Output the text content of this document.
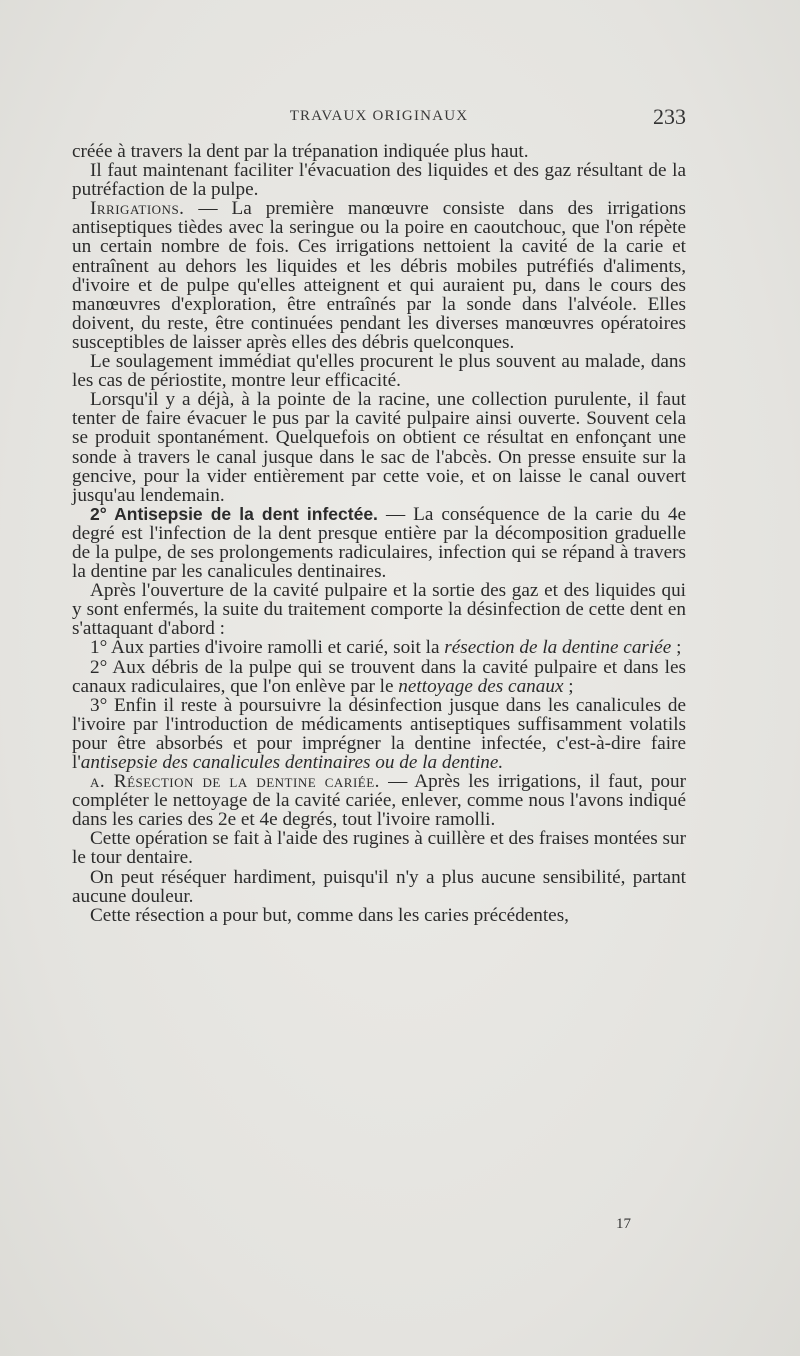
TRAVAUX ORIGINAUX	233

créée à travers la dent par la trépanation indiquée plus haut.

Il faut maintenant faciliter l'évacuation des liquides et des gaz résultant de la putréfaction de la pulpe.

Irrigations. — La première manœuvre consiste dans des irrigations antiseptiques tièdes avec la seringue ou la poire en caoutchouc, que l'on répète un certain nombre de fois. Ces irrigations nettoient la cavité de la carie et entraînent au dehors les liquides et les débris mobiles putréfiés d'aliments, d'ivoire et de pulpe qu'elles atteignent et qui auraient pu, dans le cours des manœuvres d'exploration, être entraînés par la sonde dans l'alvéole. Elles doivent, du reste, être continuées pendant les diverses manœuvres opératoires susceptibles de laisser après elles des débris quelconques.

Le soulagement immédiat qu'elles procurent le plus souvent au malade, dans les cas de périostite, montre leur efficacité.

Lorsqu'il y a déjà, à la pointe de la racine, une collection purulente, il faut tenter de faire évacuer le pus par la cavité pulpaire ainsi ouverte. Souvent cela se produit spontanément. Quelquefois on obtient ce résultat en enfonçant une sonde à travers le canal jusque dans le sac de l'abcès. On presse ensuite sur la gencive, pour la vider entièrement par cette voie, et on laisse le canal ouvert jusqu'au lendemain.

2° Antisepsie de la dent infectée. — La conséquence de la carie du 4e degré est l'infection de la dent presque entière par la décomposition graduelle de la pulpe, de ses prolongements radiculaires, infection qui se répand à travers la dentine par les canalicules dentinaires.

Après l'ouverture de la cavité pulpaire et la sortie des gaz et des liquides qui y sont enfermés, la suite du traitement comporte la désinfection de cette dent en s'attaquant d'abord :

1° Aux parties d'ivoire ramolli et carié, soit la résection de la dentine cariée ;

2° Aux débris de la pulpe qui se trouvent dans la cavité pulpaire et dans les canaux radiculaires, que l'on enlève par le nettoyage des canaux ;

3° Enfin il reste à poursuivre la désinfection jusque dans les canalicules de l'ivoire par l'introduction de médicaments antiseptiques suffisamment volatils pour être absorbés et pour imprégner la dentine infectée, c'est-à-dire faire l'antisepsie des canalicules dentinaires ou de la dentine.

a. Résection de la dentine cariée. — Après les irrigations, il faut, pour compléter le nettoyage de la cavité cariée, enlever, comme nous l'avons indiqué dans les caries des 2e et 4e degrés, tout l'ivoire ramolli.

Cette opération se fait à l'aide des rugines à cuillère et des fraises montées sur le tour dentaire.

On peut réséquer hardiment, puisqu'il n'y a plus aucune sensibilité, partant aucune douleur.

Cette résection a pour but, comme dans les caries précédentes,

17
